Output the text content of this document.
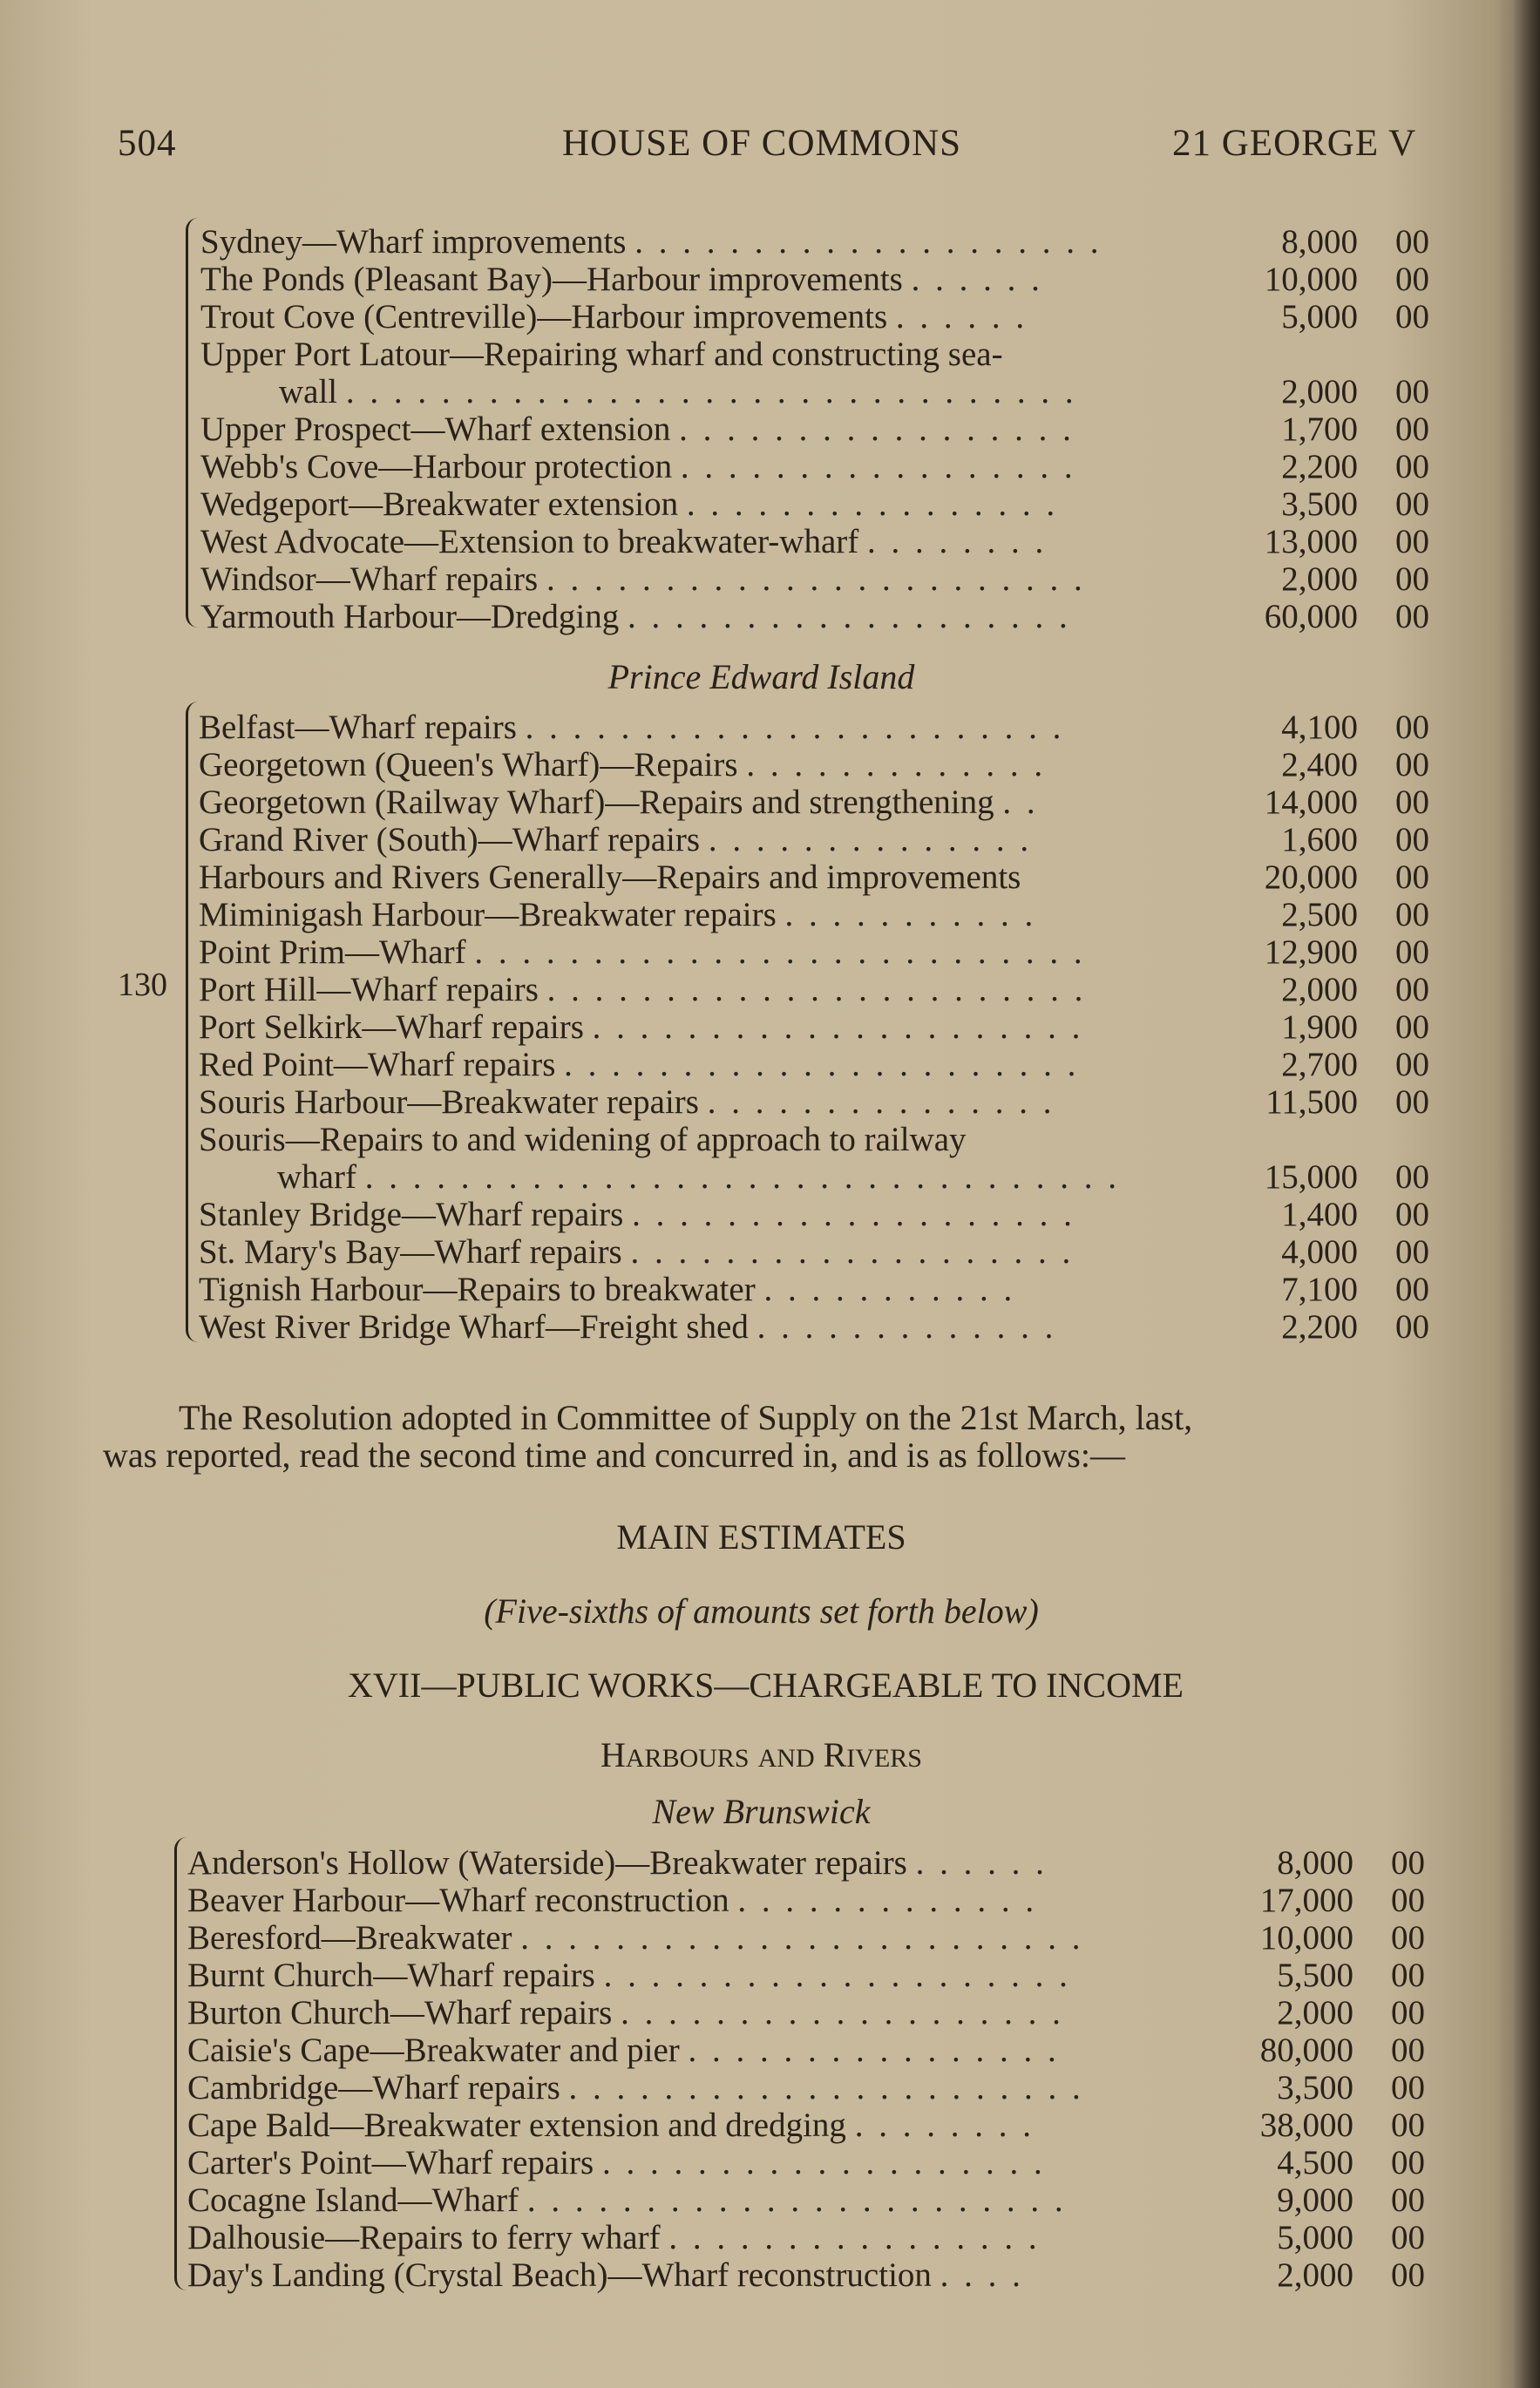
504	HOUSE OF COMMONS	21 GEORGE V
Sydney—Wharf improvements . . . . . . . . . . . . . . . . . . . .	8,000	00
The Ponds (Pleasant Bay)—Harbour improvements . . . . . .	10,000	00
Trout Cove (Centreville)—Harbour improvements . . . . . .	5,000	00
Upper Port Latour—Repairing wharf and constructing sea-
wall . . . . . . . . . . . . . . . . . . . . . . . . . . . . . . .	2,000	00
Upper Prospect—Wharf extension . . . . . . . . . . . . . . . . .	1,700	00
Webb's Cove—Harbour protection . . . . . . . . . . . . . . . . .	2,200	00
Wedgeport—Breakwater extension . . . . . . . . . . . . . . . .	3,500	00
West Advocate—Extension to breakwater-wharf . . . . . . . .	13,000	00
Windsor—Wharf repairs . . . . . . . . . . . . . . . . . . . . . . .	2,000	00
Yarmouth Harbour—Dredging . . . . . . . . . . . . . . . . . . .	60,000	00
Prince Edward Island
130
Belfast—Wharf repairs . . . . . . . . . . . . . . . . . . . . . . .	4,100	00
Georgetown (Queen's Wharf)—Repairs . . . . . . . . . . . . .	2,400	00
Georgetown (Railway Wharf)—Repairs and strengthening . .	14,000	00
Grand River (South)—Wharf repairs . . . . . . . . . . . . . .	1,600	00
Harbours and Rivers Generally—Repairs and improvements	20,000	00
Miminigash Harbour—Breakwater repairs . . . . . . . . . . .	2,500	00
Point Prim—Wharf . . . . . . . . . . . . . . . . . . . . . . . . . .	12,900	00
Port Hill—Wharf repairs . . . . . . . . . . . . . . . . . . . . . . .	2,000	00
Port Selkirk—Wharf repairs . . . . . . . . . . . . . . . . . . . . .	1,900	00
Red Point—Wharf repairs . . . . . . . . . . . . . . . . . . . . . .	2,700	00
Souris Harbour—Breakwater repairs . . . . . . . . . . . . . . .	11,500	00
Souris—Repairs to and widening of approach to railway
wharf . . . . . . . . . . . . . . . . . . . . . . . . . . . . . . . .	15,000	00
Stanley Bridge—Wharf repairs . . . . . . . . . . . . . . . . . . .	1,400	00
St. Mary's Bay—Wharf repairs . . . . . . . . . . . . . . . . . . .	4,000	00
Tignish Harbour—Repairs to breakwater . . . . . . . . . . .	7,100	00
West River Bridge Wharf—Freight shed . . . . . . . . . . . . .	2,200	00
The Resolution adopted in Committee of Supply on the 21st March, last,
was reported, read the second time and concurred in, and is as follows:—
MAIN ESTIMATES
(Five-sixths of amounts set forth below)
XVII—PUBLIC WORKS—CHARGEABLE TO INCOME
HARBOURS AND RIVERS
New Brunswick
Anderson's Hollow (Waterside)—Breakwater repairs . . . . . .	8,000	00
Beaver Harbour—Wharf reconstruction . . . . . . . . . . . . .	17,000	00
Beresford—Breakwater . . . . . . . . . . . . . . . . . . . . . . . .	10,000	00
Burnt Church—Wharf repairs . . . . . . . . . . . . . . . . . . . .	5,500	00
Burton Church—Wharf repairs . . . . . . . . . . . . . . . . . . .	2,000	00
Caisie's Cape—Breakwater and pier . . . . . . . . . . . . . . . .	80,000	00
Cambridge—Wharf repairs . . . . . . . . . . . . . . . . . . . . . .	3,500	00
Cape Bald—Breakwater extension and dredging . . . . . . . .	38,000	00
Carter's Point—Wharf repairs . . . . . . . . . . . . . . . . . . .	4,500	00
Cocagne Island—Wharf . . . . . . . . . . . . . . . . . . . . . . .	9,000	00
Dalhousie—Repairs to ferry wharf . . . . . . . . . . . . . . . .	5,000	00
Day's Landing (Crystal Beach)—Wharf reconstruction . . . .	2,000	00
